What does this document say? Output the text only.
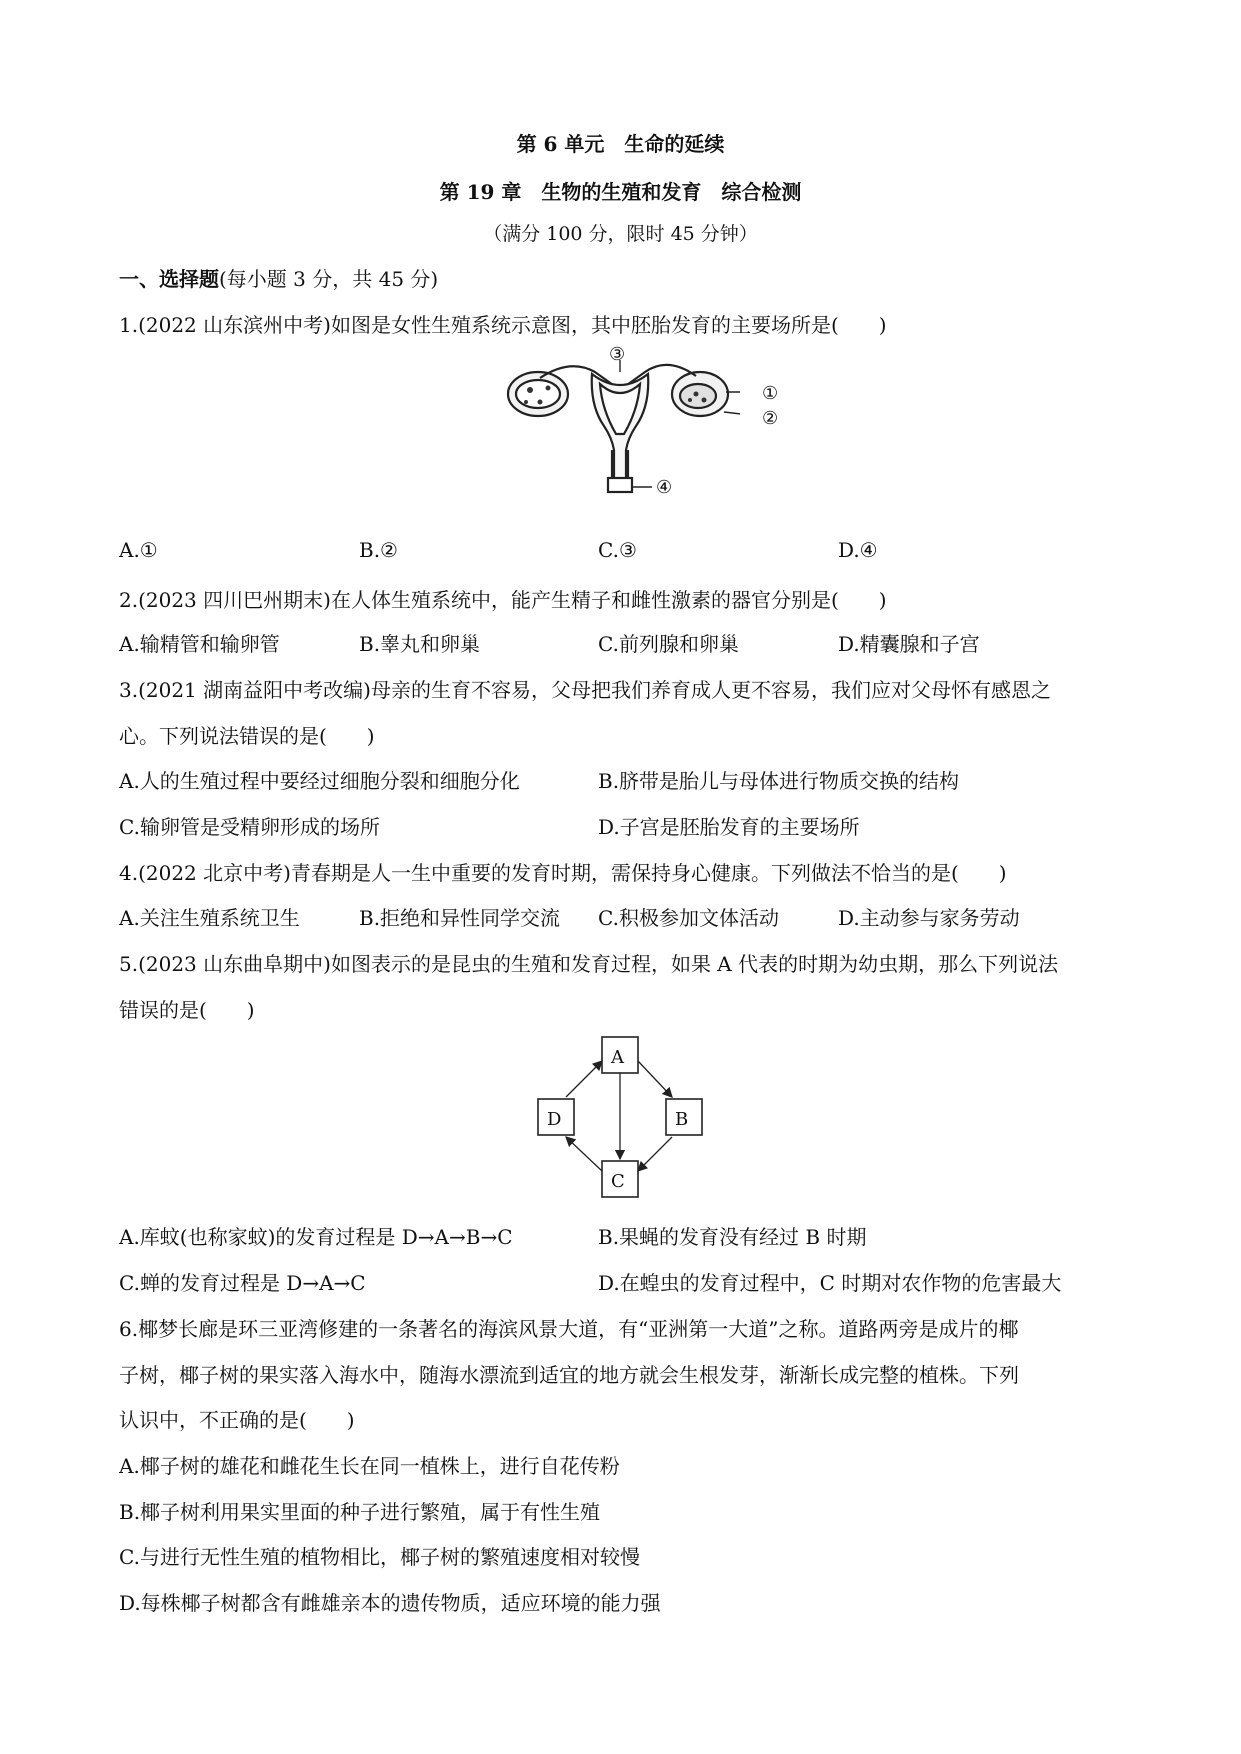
第 6 单元　生命的延续
第 19 章　生物的生殖和发育　综合检测
（满分 100 分，限时 45 分钟）
一、选择题(每小题 3 分，共 45 分)
1.(2022 山东滨州中考)如图是女性生殖系统示意图，其中胚胎发育的主要场所是(　　)
③
①
②
④
A.①	B.②	C.③	D.④
2.(2023 四川巴州期末)在人体生殖系统中，能产生精子和雌性激素的器官分别是(　　)
A.输精管和输卵管	B.睾丸和卵巢	C.前列腺和卵巢	D.精囊腺和子宫
3.(2021 湖南益阳中考改编)母亲的生育不容易，父母把我们养育成人更不容易，我们应对父母怀有感恩之
心。下列说法错误的是(　　)
A.人的生殖过程中要经过细胞分裂和细胞分化	B.脐带是胎儿与母体进行物质交换的结构
C.输卵管是受精卵形成的场所	D.子宫是胚胎发育的主要场所
4.(2022 北京中考)青春期是人一生中重要的发育时期，需保持身心健康。下列做法不恰当的是(　　)
A.关注生殖系统卫生	B.拒绝和异性同学交流 C.积极参加文体活动	D.主动参与家务劳动
5.(2023 山东曲阜期中)如图表示的是昆虫的生殖和发育过程，如果 A 代表的时期为幼虫期，那么下列说法
错误的是(　　)
A
B
C
D
A.库蚊(也称家蚊)的发育过程是 D→A→B→C	B.果蝇的发育没有经过 B 时期
C.蝉的发育过程是 D→A→C	D.在蝗虫的发育过程中，C 时期对农作物的危害最大
6.椰梦长廊是环三亚湾修建的一条著名的海滨风景大道，有“亚洲第一大道”之称。道路两旁是成片的椰
子树，椰子树的果实落入海水中，随海水漂流到适宜的地方就会生根发芽，渐渐长成完整的植株。下列
认识中，不正确的是(　　)
A.椰子树的雄花和雌花生长在同一植株上，进行自花传粉
B.椰子树利用果实里面的种子进行繁殖，属于有性生殖
C.与进行无性生殖的植物相比，椰子树的繁殖速度相对较慢
D.每株椰子树都含有雌雄亲本的遗传物质，适应环境的能力强
